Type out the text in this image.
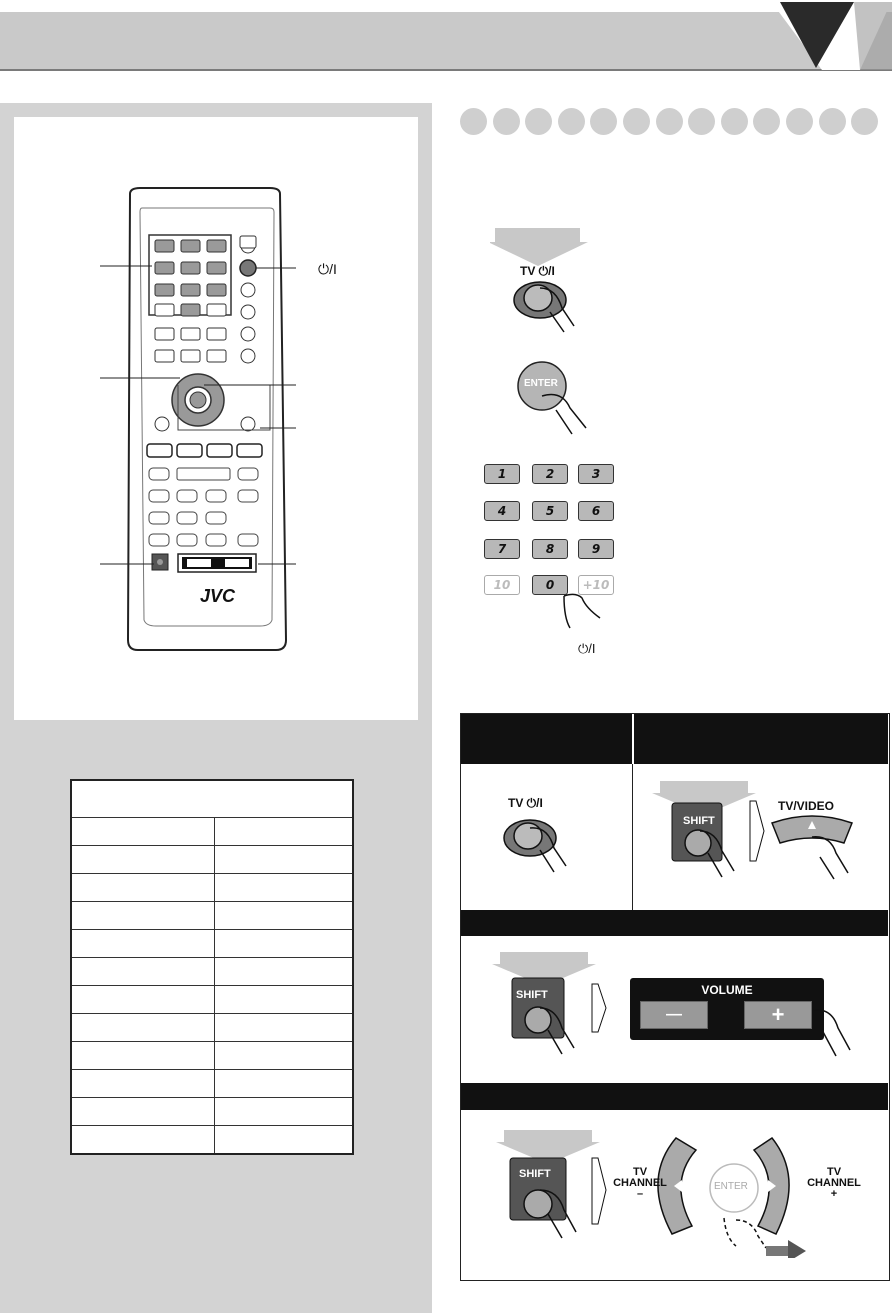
JVC
⏻/I

		TV ⏻/I
ENTER
1	2	3
4	5	6
7	8	9
10	0	+10
⏻/I
TV ⏻/I
SHIFT
TV/VIDEO
SHIFT	VOLUME
—	+
SHIFT
ENTER
TV
CHANNEL
–
TV
CHANNEL
+
